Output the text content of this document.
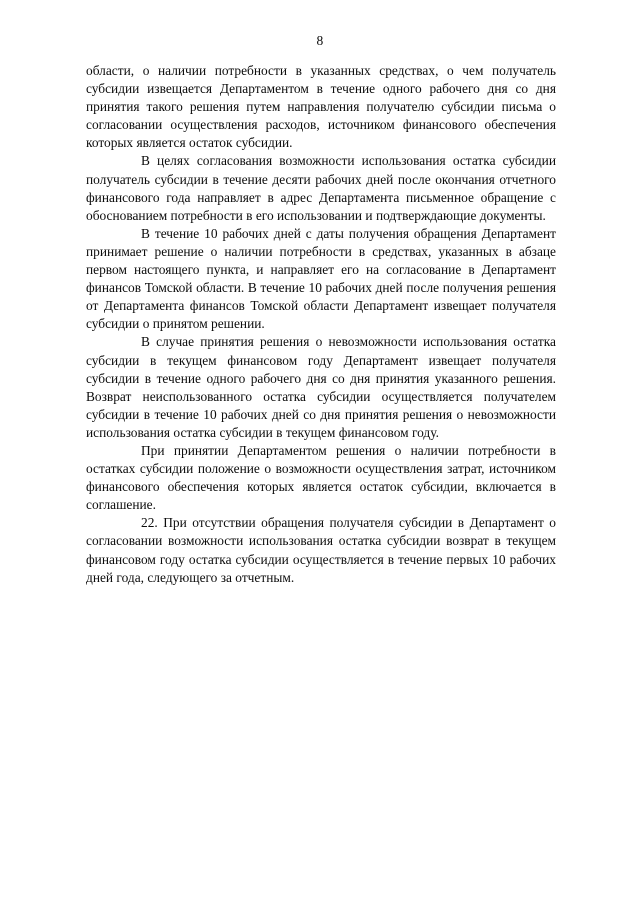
8

области, о наличии потребности в указанных средствах, о чем получатель субсидии извещается Департаментом в течение одного рабочего дня со дня принятия такого решения путем направления получателю субсидии письма о согласовании осуществления расходов, источником финансового обеспечения которых является остаток субсидии.

В целях согласования возможности использования остатка субсидии получатель субсидии в течение десяти рабочих дней после окончания отчетного финансового года направляет в адрес Департамента письменное обращение с обоснованием потребности в его использовании и подтверждающие документы.

В течение 10 рабочих дней с даты получения обращения Департамент принимает решение о наличии потребности в средствах, указанных в абзаце первом настоящего пункта, и направляет его на согласование в Департамент финансов Томской области. В течение 10 рабочих дней после получения решения от Департамента финансов Томской области Департамент извещает получателя субсидии о принятом решении.

В случае принятия решения о невозможности использования остатка субсидии в текущем финансовом году Департамент извещает получателя субсидии в течение одного рабочего дня со дня принятия указанного решения. Возврат неиспользованного остатка субсидии осуществляется получателем субсидии в течение 10 рабочих дней со дня принятия решения о невозможности использования остатка субсидии в текущем финансовом году.

При принятии Департаментом решения о наличии потребности в остатках субсидии положение о возможности осуществления затрат, источником финансового обеспечения которых является остаток субсидии, включается в соглашение.

22. При отсутствии обращения получателя субсидии в Департамент о согласовании возможности использования остатка субсидии возврат в текущем финансовом году остатка субсидии осуществляется в течение первых 10 рабочих дней года, следующего за отчетным.
